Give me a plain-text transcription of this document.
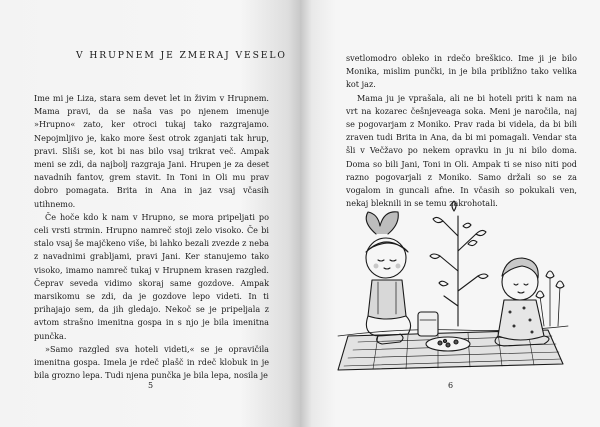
V HRUPNEM JE ZMERAJ VESELO

Ime mi je Liza, stara sem devet let in živim v Hrupnem. Mama pravi, da se naša vas po njenem imenuje »Hrupno« zato, ker otroci tukaj tako razgrajamo. Nepojmljivo je, kako more šest otrok zganjati tak hrup, pravi. Sliši se, kot bi nas bilo vsaj trikrat več. Ampak meni se zdi, da najbolj razgraja Jani. Hrupen je za deset navadnih fantov, grem stavit. In Toni in Oli mu prav dobro pomagata. Brita in Ana in jaz vsaj včasih utihnemo.

Če hoče kdo k nam v Hrupno, se mora pripeljati po celi vrsti strmin. Hrupno namreč stoji zelo visoko. Če bi stalo vsaj še majčkeno više, bi lahko bezali zvezde z neba z navadnimi grabljami, pravi Jani. Ker stanujemo tako visoko, imamo namreč tukaj v Hrupnem krasen razgled. Čeprav seveda vidimo skoraj same gozdove. Ampak marsikomu se zdi, da je gozdove lepo videti. In ti prihajajo sem, da jih gledajo. Nekoč se je pripeljala z avtom strašno imenitna gospa in s njo je bila imenitna punčka.

»Samo razgled sva hoteli videti,« se je opravičila imenitna gospa. Imela je rdeč plašč in rdeč klobuk in je bila grozno lepa. Tudi njena punčka je bila lepa, nosila je

5

svetlomodro obleko in rdečo breškico. Ime ji je bilo Monika, mislim punčki, in je bila približno tako velika kot jaz.

Mama ju je vprašala, ali ne bi hoteli priti k nam na vrt na kozarec češnjeveaga soka. Meni je naročila, naj se pogovarjam z Moniko. Prav rada bi videla, da bi bili zraven tudi Brita in Ana, da bi mi pomagali. Vendar sta šli v Večžavo po nekem opravku in ju ni bilo doma. Doma so bili Jani, Toni in Oli. Ampak ti se niso niti pod razno pogovarjali z Moniko. Samo držali so se za vogalom in guncali afne. In včasih so pokukali ven, nekaj bleknili in se temu zakrohotali.

6
